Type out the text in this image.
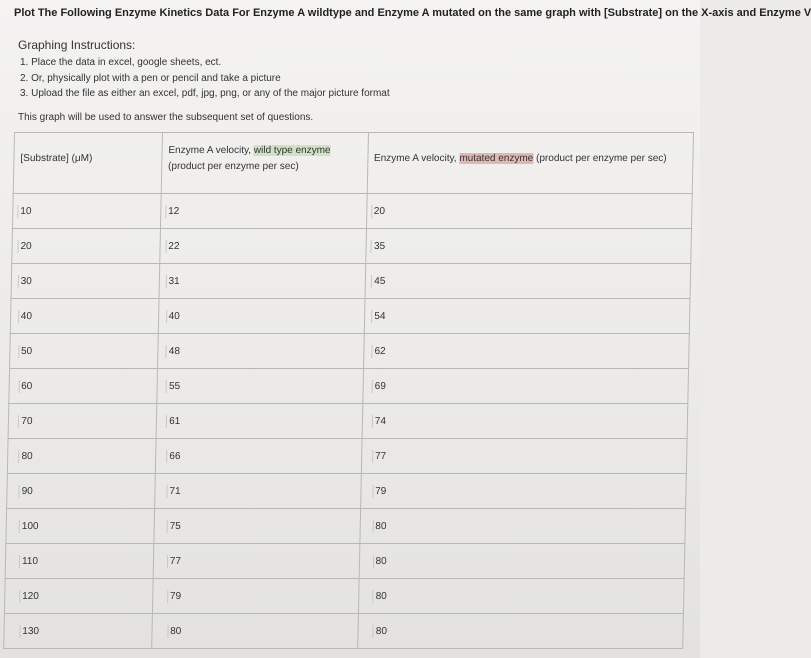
Plot The Following Enzyme Kinetics Data For Enzyme A wildtype and Enzyme A mutated on the same graph with [Substrate] on the X-axis and Enzyme V
Graphing Instructions:
1. Place the data in excel, google sheets, ect.
2. Or, physically plot with a pen or pencil and take a picture
3. Upload the file as either an excel, pdf, jpg, png, or any of the major picture format
This graph will be used to answer the subsequent set of questions.
[Substrate] (μM)	Enzyme A velocity, wild type enzyme (product per enzyme per sec)	Enzyme A velocity, mutated enzyme (product per enzyme per sec)
10	12	20
20	22	35
30	31	45
40	40	54
50	48	62
60	55	69
70	61	74
80	66	77
90	71	79
100	75	80
110	77	80
120	79	80
130	80	80
